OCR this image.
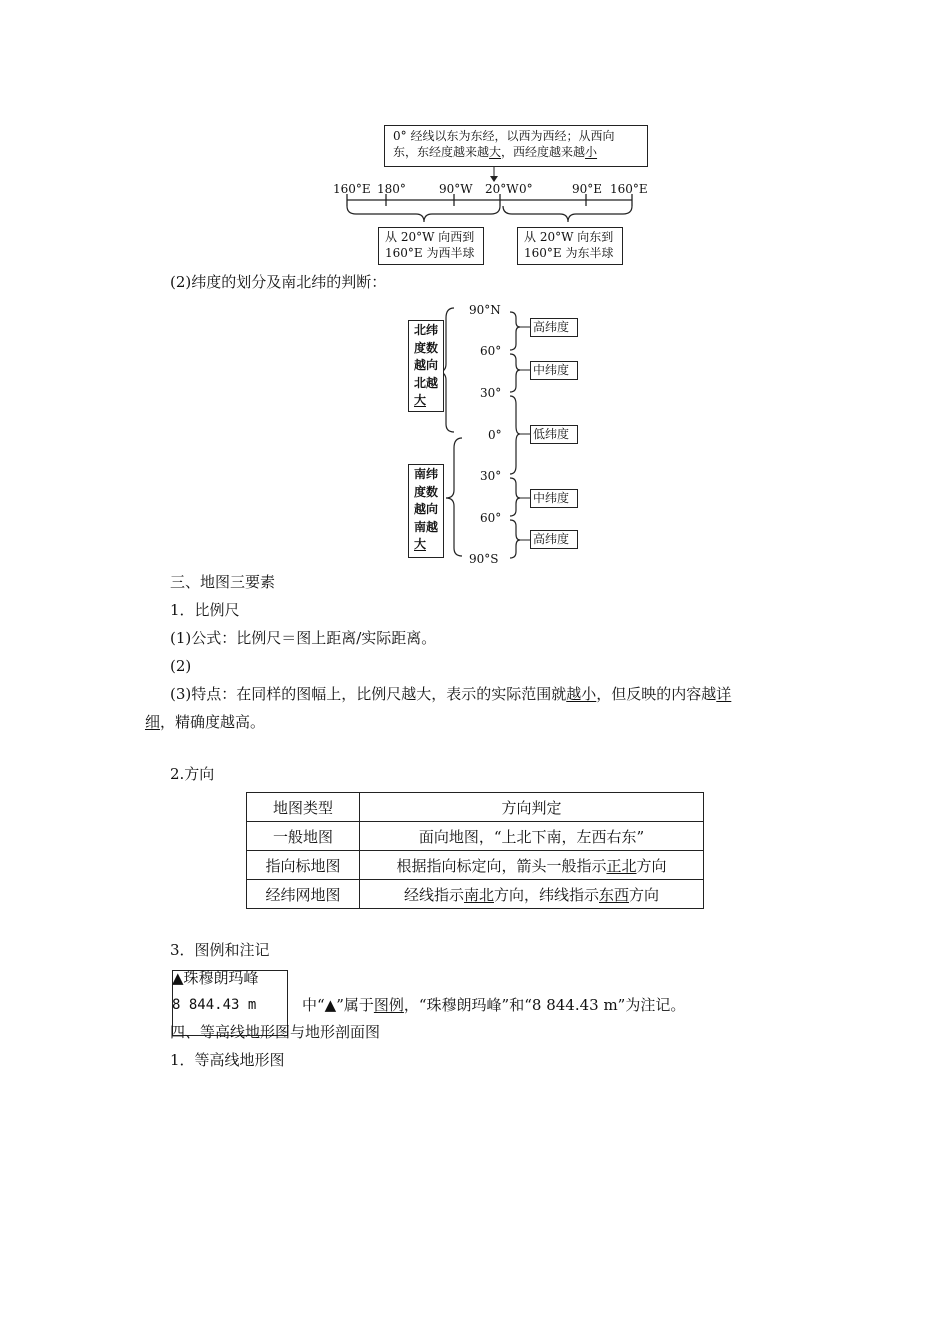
0° 经线以东为东经，以西为西经；从西向
东，东经度越来越大，西经度越来越小
160°E 180°	90°W 20°W 0°	90°E 160°E
从 20°W 向西到
160°E 为西半球
从 20°W 向东到
160°E 为东半球
(2)纬度的划分及南北纬的判断：
北纬
度数
越向
北越
大
南纬
度数
越向
南越
大
90°N
60°
30°
0°
30°
60°
90°S
高纬度
中纬度
低纬度
中纬度
高纬度
三、地图三要素
1．比例尺
(1)公式：比例尺＝图上距离/实际距离。
(2)
(3)特点：在同样的图幅上，比例尺越大，表示的实际范围就越小，但反映的内容越详
细，精确度越高。
2.方向
地图类型	方向判定
一般地图	面向地图，“上北下南，左西右东”
指向标地图	根据指向标定向，箭头一般指示正北方向
经纬网地图	经线指示南北方向，纬线指示东西方向
3．图例和注记
▲珠穆朗玛峰
8 844.43 m	中“▲”属于图例，“珠穆朗玛峰”和“8 844.43 m”为注记。
四、等高线地形图与地形剖面图
1．等高线地形图
